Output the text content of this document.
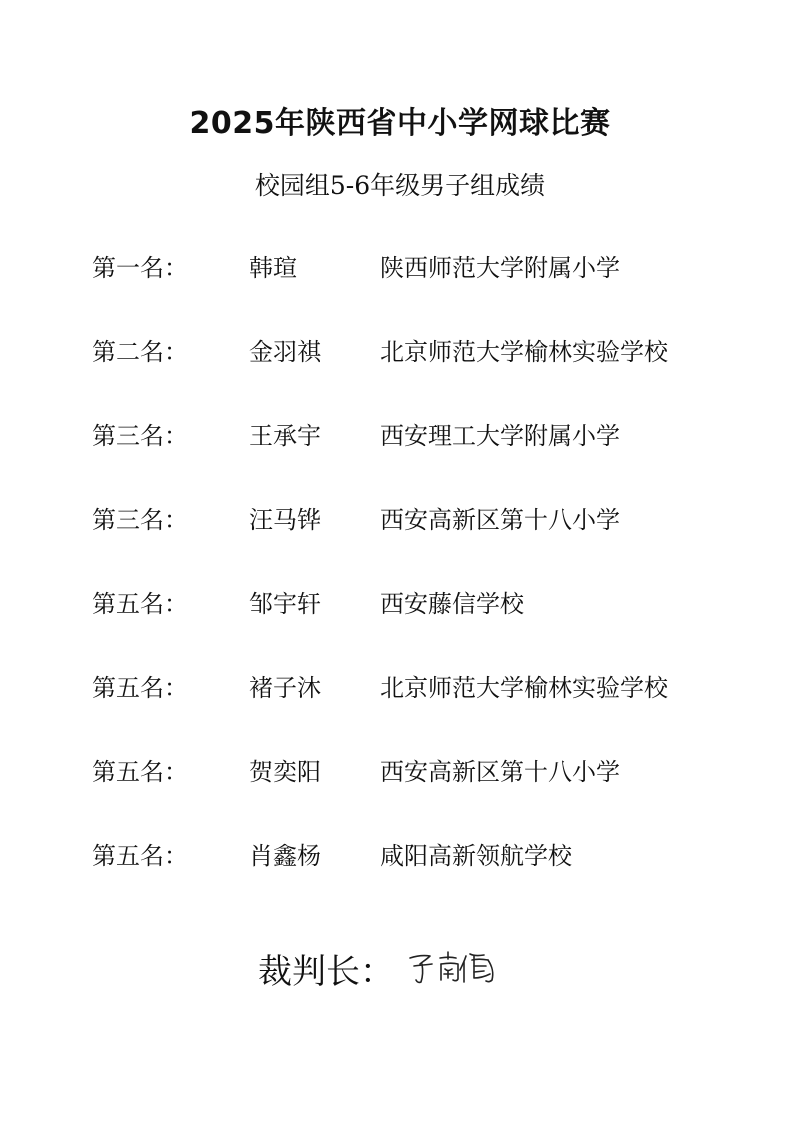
2025年陕西省中小学网球比赛
校园组5-6年级男子组成绩
第一名：	韩瑄	陕西师范大学附属小学
第二名：	金羽祺 北京师范大学榆林实验学校
第三名：	王承宇 西安理工大学附属小学
第三名：	汪马铧 西安高新区第十八小学
第五名：	邹宇轩 西安藤信学校
第五名：	褚子沐 北京师范大学榆林实验学校
第五名：	贺奕阳 西安高新区第十八小学
第五名：	肖鑫杨 咸阳高新领航学校
裁判长：
